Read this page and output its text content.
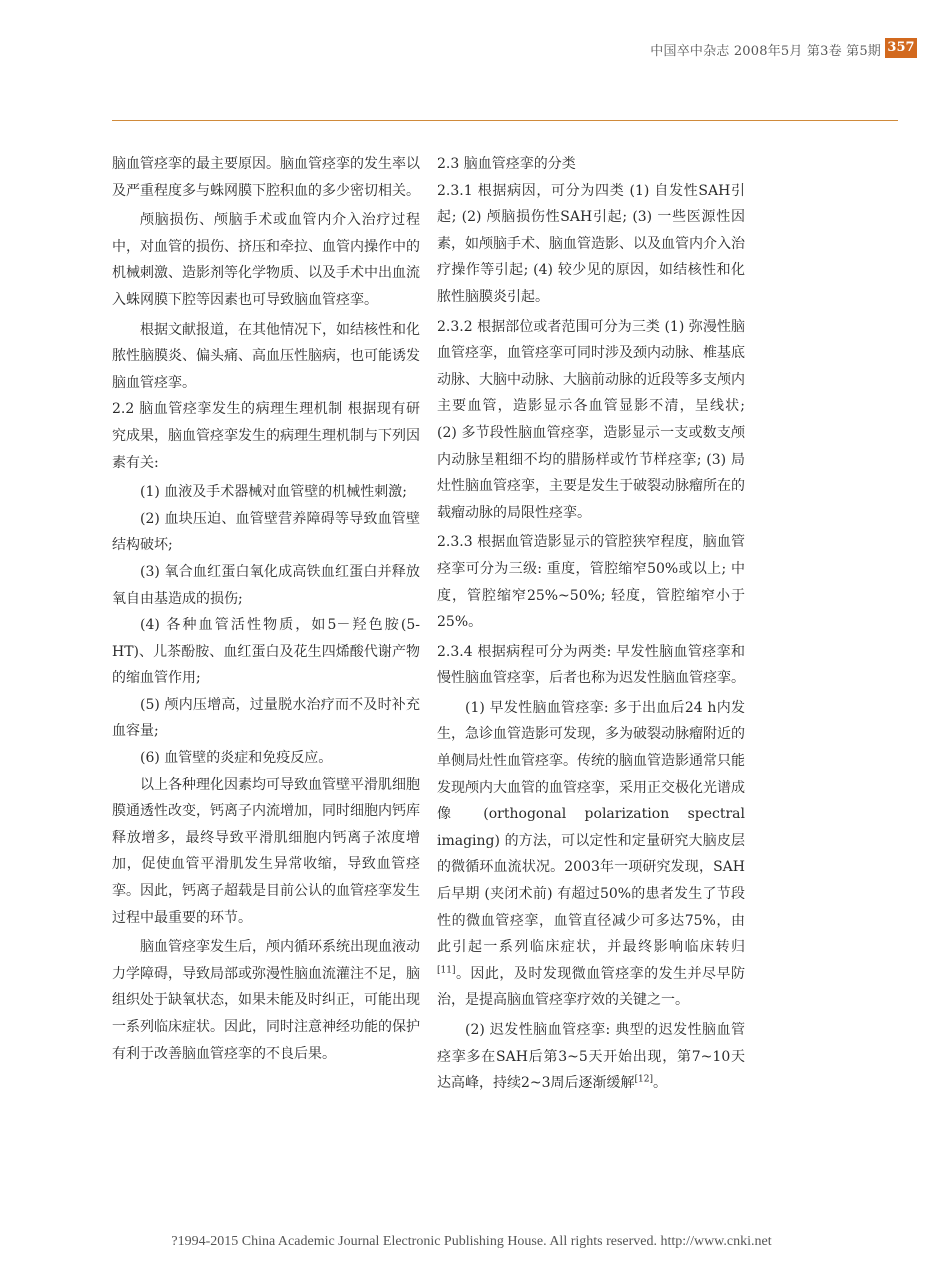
中国卒中杂志 2008年5月 第3卷 第5期 357

脑血管痉挛的最主要原因。脑血管痉挛的发生率以及严重程度多与蛛网膜下腔积血的多少密切相关。

颅脑损伤、颅脑手术或血管内介入治疗过程中，对血管的损伤、挤压和牵拉、血管内操作中的机械刺激、造影剂等化学物质、以及手术中出血流入蛛网膜下腔等因素也可导致脑血管痉挛。

根据文献报道，在其他情况下，如结核性和化脓性脑膜炎、偏头痛、高血压性脑病，也可能诱发脑血管痉挛。

2.2 脑血管痉挛发生的病理生理机制 根据现有研究成果，脑血管痉挛发生的病理生理机制与下列因素有关:

(1) 血液及手术器械对血管壁的机械性刺激;

(2) 血块压迫、血管壁营养障碍等导致血管壁结构破坏;

(3) 氧合血红蛋白氧化成高铁血红蛋白并释放氧自由基造成的损伤;

(4) 各种血管活性物质，如5－羟色胺(5-HT)、儿茶酚胺、血红蛋白及花生四烯酸代谢产物的缩血管作用;

(5) 颅内压增高，过量脱水治疗而不及时补充血容量;

(6) 血管壁的炎症和免疫反应。

以上各种理化因素均可导致血管壁平滑肌细胞膜通透性改变，钙离子内流增加，同时细胞内钙库释放增多，最终导致平滑肌细胞内钙离子浓度增加，促使血管平滑肌发生异常收缩，导致血管痉挛。因此，钙离子超载是目前公认的血管痉挛发生过程中最重要的环节。

脑血管痉挛发生后，颅内循环系统出现血液动力学障碍，导致局部或弥漫性脑血流灌注不足，脑组织处于缺氧状态，如果未能及时纠正，可能出现一系列临床症状。因此，同时注意神经功能的保护有利于改善脑血管痉挛的不良后果。

2.3 脑血管痉挛的分类

2.3.1 根据病因，可分为四类 (1) 自发性SAH引起; (2) 颅脑损伤性SAH引起; (3) 一些医源性因素，如颅脑手术、脑血管造影、以及血管内介入治疗操作等引起; (4) 较少见的原因，如结核性和化脓性脑膜炎引起。

2.3.2 根据部位或者范围可分为三类 (1) 弥漫性脑血管痉挛，血管痉挛可同时涉及颈内动脉、椎基底动脉、大脑中动脉、大脑前动脉的近段等多支颅内主要血管，造影显示各血管显影不清，呈线状; (2) 多节段性脑血管痉挛，造影显示一支或数支颅内动脉呈粗细不均的腊肠样或竹节样痉挛; (3) 局灶性脑血管痉挛，主要是发生于破裂动脉瘤所在的载瘤动脉的局限性痉挛。

2.3.3 根据血管造影显示的管腔狭窄程度，脑血管痉挛可分为三级: 重度，管腔缩窄50%或以上; 中度，管腔缩窄25%~50%; 轻度，管腔缩窄小于25%。

2.3.4 根据病程可分为两类: 早发性脑血管痉挛和慢性脑血管痉挛，后者也称为迟发性脑血管痉挛。

(1) 早发性脑血管痉挛: 多于出血后24 h内发生，急诊血管造影可发现，多为破裂动脉瘤附近的单侧局灶性血管痉挛。传统的脑血管造影通常只能发现颅内大血管的血管痉挛，采用正交极化光谱成像 (orthogonal polarization spectral imaging) 的方法，可以定性和定量研究大脑皮层的微循环血流状况。2003年一项研究发现，SAH后早期 (夹闭术前) 有超过50%的患者发生了节段性的微血管痉挛，血管直径减少可多达75%，由此引起一系列临床症状，并最终影响临床转归[11]。因此，及时发现微血管痉挛的发生并尽早防治，是提高脑血管痉挛疗效的关键之一。

(2) 迟发性脑血管痉挛: 典型的迟发性脑血管痉挛多在SAH后第3~5天开始出现，第7~10天达高峰，持续2~3周后逐渐缓解[12]。

?1994-2015 China Academic Journal Electronic Publishing House. All rights reserved. http://www.cnki.net
